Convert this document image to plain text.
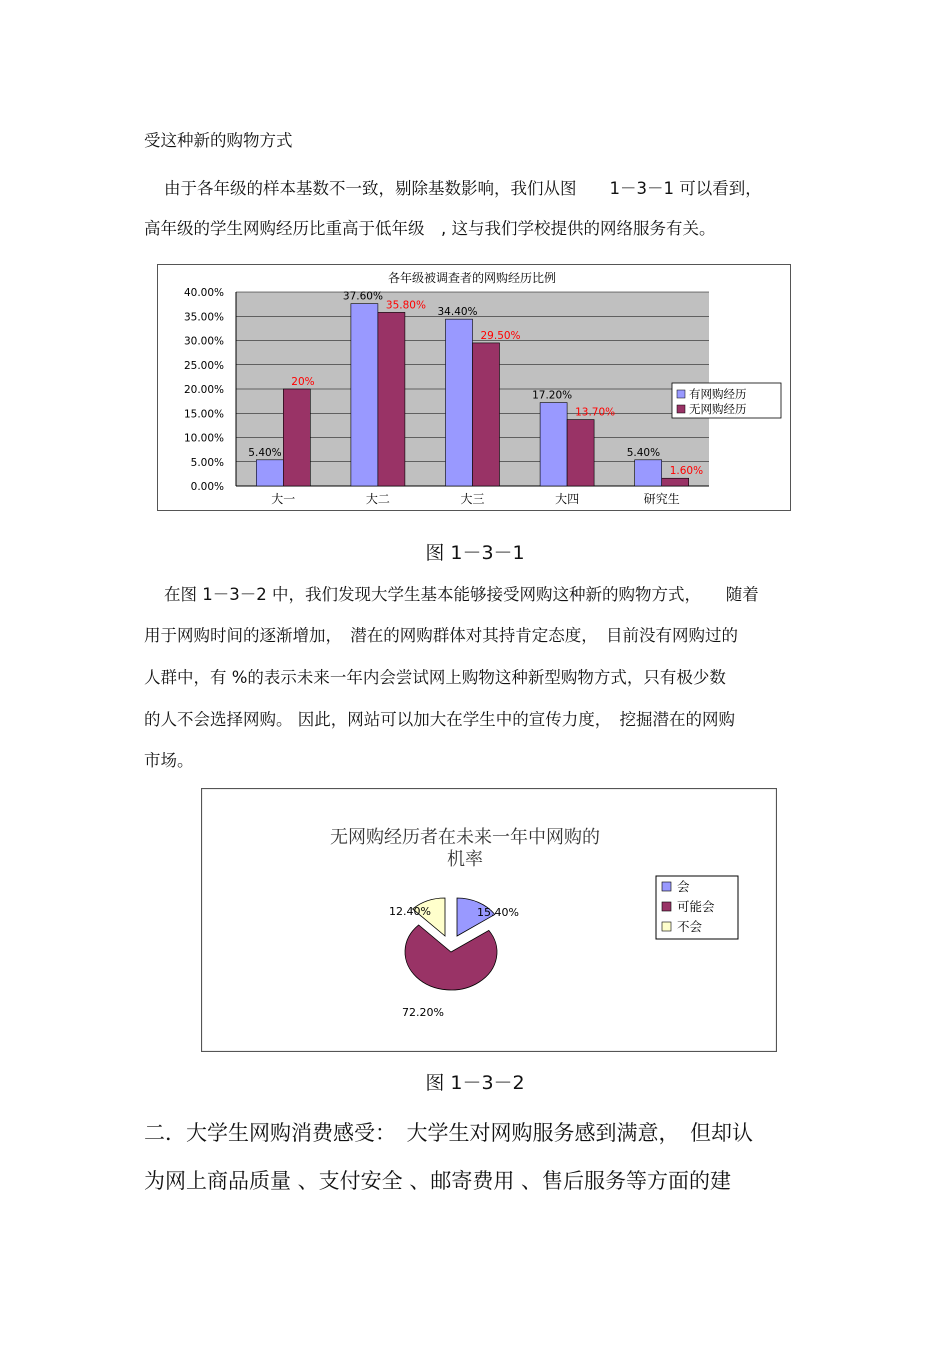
受这种新的购物方式
由于各年级的样本基数不一致，剔除基数影响，我们从图　　1－3－1 可以看到，
高年级的学生网购经历比重高于低年级　, 这与我们学校提供的网络服务有关。
各年级被调查者的网购经历比例
0.00%
5.00%
10.00%
15.00%
20.00%
25.00%
30.00%
35.00%
40.00%
5.40%
20%
大一
37.60%
35.80%
大二
34.40%
29.50%
大三
17.20%
13.70%
大四
5.40%
1.60%
研究生
有网购经历
无网购经历
图 1－3－1
在图 1－3－2 中，我们发现大学生基本能够接受网购这种新的购物方式，　　随着
用于网购时间的逐渐增加，　潜在的网购群体对其持肯定态度，　目前没有网购过的
人群中，有 %的表示未来一年内会尝试网上购物这种新型购物方式，只有极少数
的人不会选择网购。 因此，网站可以加大在学生中的宣传力度，　挖掘潜在的网购
市场。
无网购经历者在未来一年中网购的
机率
15.40%
72.20%
12.40%
会
可能会
不会
图 1－3－2
二．大学生网购消费感受：　大学生对网购服务感到满意，　但却认
为网上商品质量 、支付安全 、邮寄费用 、售后服务等方面的建
